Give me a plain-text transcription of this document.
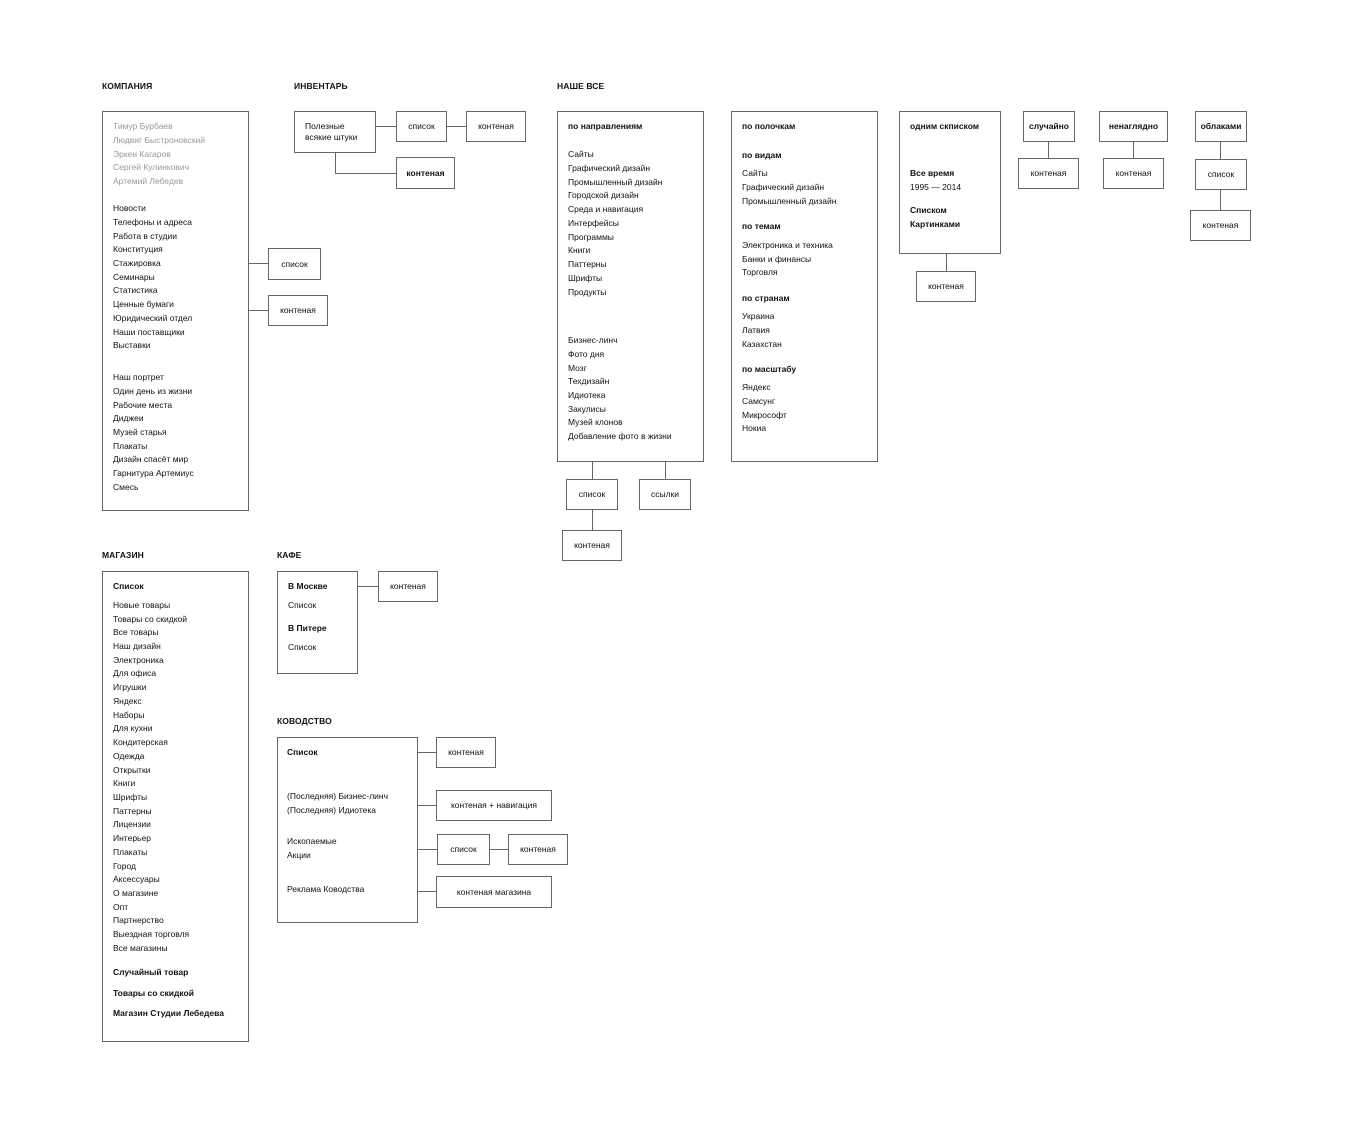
КОМПАНИЯ	ИНВЕНТАРЬ	НАШЕ ВСЕ
МАГАЗИН	КАФЕ
КОВОДСТВО
Тимур Бурбаев
Людвиг Быстроновский
Эркен Кагаров
Сергей Кулинкович
Артемий Лебедев
Новости
Телефоны и адреса
Работа в студии
Конституция
Стажировка
Семинары
Статистика
Ценные бумаги
Юридический отдел
Наши поставщики
Выставки
Наш портрет
Один день из жизни
Рабочие места
Диджеи
Музей старья
Плакаты
Дизайн спасёт мир
Гарнитура Артемиус
Смесь
список
контеная
Полезные
всякие штуки
список	контеная
контеная
по направлениям
Сайты
Графический дизайн
Промышленный дизайн
Городской дизайн
Среда и навигация
Интерфейсы
Программы
Книги
Паттерны
Шрифты
Продукты
Бизнес-линч
Фото дня
Мозг
Техдизайн
Идиотека
Закулисы
Музей клонов
Добавление фото в жизни
список	ссылки
контеная
по полочкам
по видам
Сайты
Графический дизайн
Промышленный дизайн
по темам
Электроника и техника
Банки и финансы
Торговля
по странам
Украина
Латвия
Казахстан
по масштабу
Яндекс
Самсунг
Микрософт
Нокиа
одним скписком
Все время
1995 — 2014
Списком
Картинками
контеная
случайно
контеная
ненаглядно
контеная
облаками
список
контеная
Список
Новые товары
Товары со скидкой
Все товары
Наш дизайн
Электроника
Для офиса
Игрушки
Яндекс
Наборы
Для кухни
Кондитерская
Одежда
Открытки
Книги
Шрифты
Паттерны
Лицензии
Интерьер
Плакаты
Город
Аксессуары
О магазине
Опт
Партнерство
Выездная торговля
Все магазины
Случайный товар
Товары со скидкой
Магазин Студии Лебедева
В Москве
Список
В Питере
Список
контеная
Список
(Последняя) Бизнес-линч
(Последняя) Идиотека
Ископаемые
Акции
Реклама Ководства
контеная
контеная + навигация
список	контеная
контеная магазина
